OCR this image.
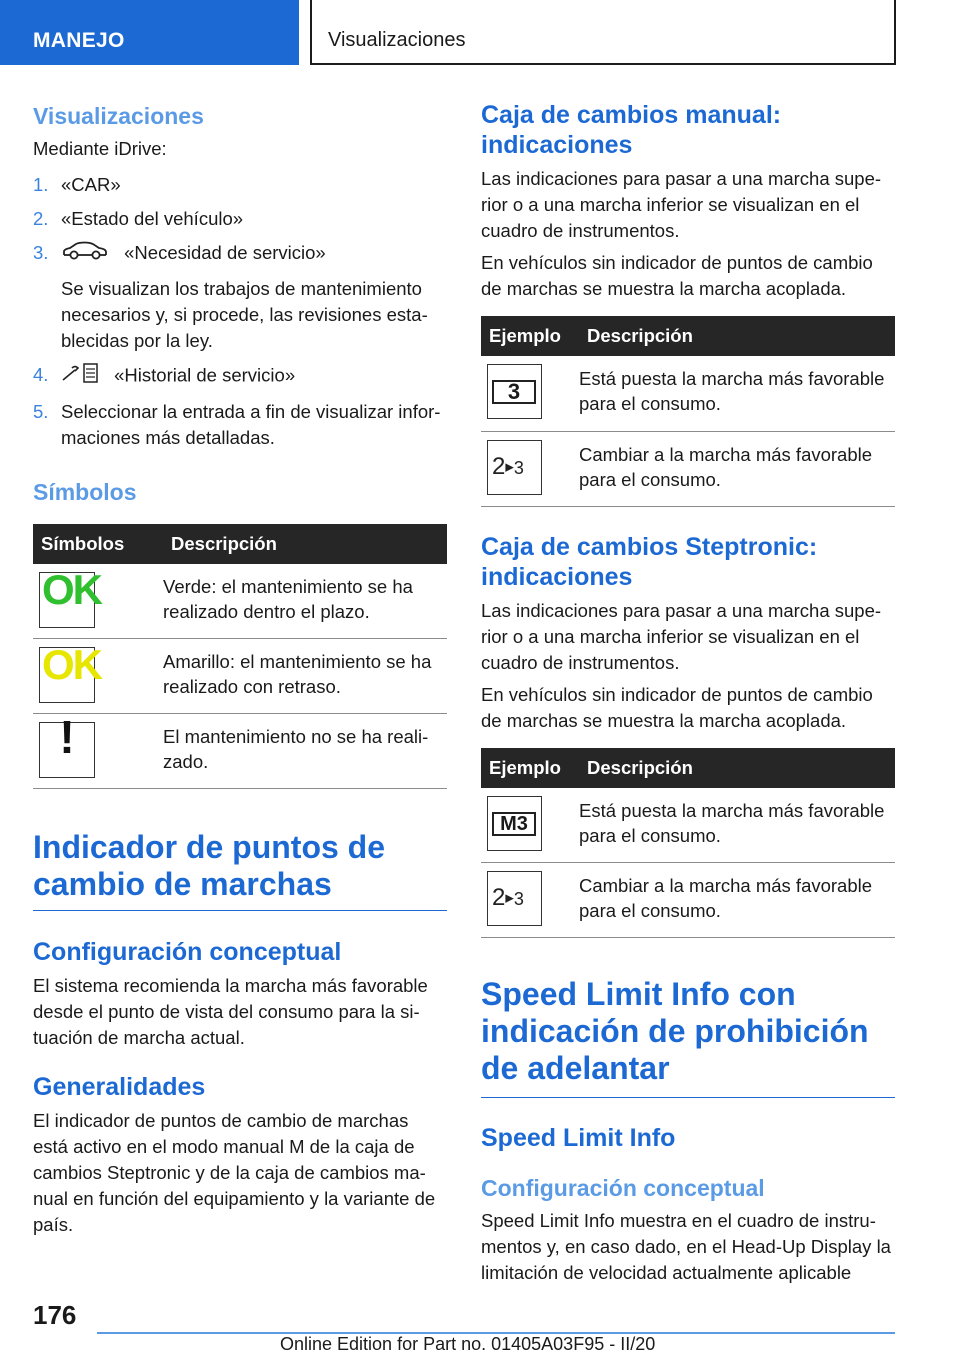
MANEJO	Visualizaciones
Visualizaciones
Mediante iDrive:
1. «CAR»
2. «Estado del vehículo»
3.	«Necesidad de servicio»
Se visualizan los trabajos de mantenimiento necesarios y, si procede, las revisiones esta-blecidas por la ley.
4.	«Historial de servicio»
5. Seleccionar la entrada a fin de visualizar infor-maciones más detalladas.
Símbolos
Símbolos	Descripción

OK	Verde: el mantenimiento se ha realizado dentro el plazo.

OK	Amarillo: el mantenimiento se ha realizado con retraso.

!	El mantenimiento no se ha reali-zado.
Indicador de puntos de cambio de marchas
Configuración conceptual
El sistema recomienda la marcha más favorable desde el punto de vista del consumo para la si-tuación de marcha actual.
Generalidades
El indicador de puntos de cambio de marchas está activo en el modo manual M de la caja de cambios Steptronic y de la caja de cambios ma-nual en función del equipamiento y la variante de país.
Caja de cambios manual: indicaciones
Las indicaciones para pasar a una marcha supe-rior o a una marcha inferior se visualizan en el cuadro de instrumentos.
En vehículos sin indicador de puntos de cambio de marchas se muestra la marcha acoplada.
Ejemplo	Descripción

3	Está puesta la marcha más favorable para el consumo.

2▶3	Cambiar a la marcha más favorable para el consumo.
Caja de cambios Steptronic: indicaciones
Las indicaciones para pasar a una marcha supe-rior o a una marcha inferior se visualizan en el cuadro de instrumentos.
En vehículos sin indicador de puntos de cambio de marchas se muestra la marcha acoplada.
Ejemplo	Descripción

M3	Está puesta la marcha más favorable para el consumo.

2▶3	Cambiar a la marcha más favorable para el consumo.
Speed Limit Info con indicación de prohibición de adelantar
Speed Limit Info
Configuración conceptual
Speed Limit Info muestra en el cuadro de instru-mentos y, en caso dado, en el Head-Up Display la limitación de velocidad actualmente aplicable
176
Online Edition for Part no. 01405A03F95 - II/20
